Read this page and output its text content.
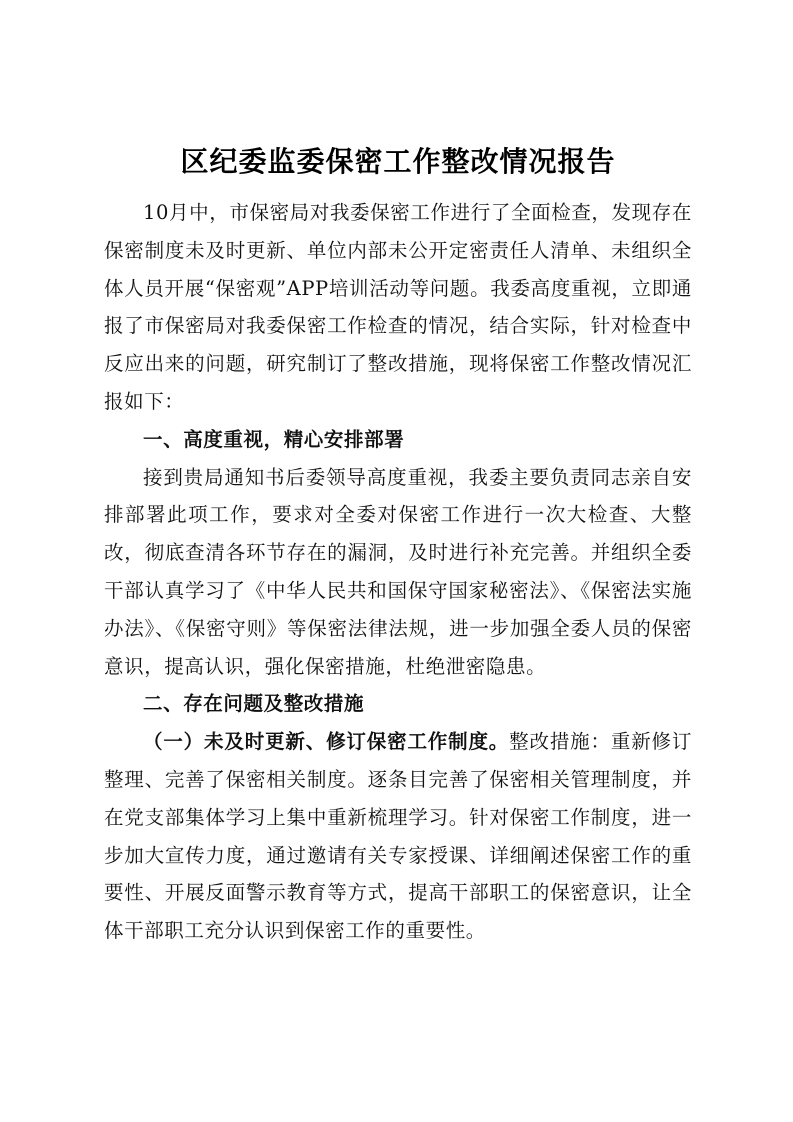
区纪委监委保密工作整改情况报告

10月中，市保密局对我委保密工作进行了全面检查，发现存在保密制度未及时更新、单位内部未公开定密责任人清单、未组织全体人员开展“保密观”APP培训活动等问题。我委高度重视，立即通报了市保密局对我委保密工作检查的情况，结合实际，针对检查中反应出来的问题，研究制订了整改措施，现将保密工作整改情况汇报如下：

一、高度重视，精心安排部署

接到贵局通知书后委领导高度重视，我委主要负责同志亲自安排部署此项工作，要求对全委对保密工作进行一次大检查、大整改，彻底查清各环节存在的漏洞，及时进行补充完善。并组织全委干部认真学习了《中华人民共和国保守国家秘密法》、《保密法实施办法》、《保密守则》等保密法律法规，进一步加强全委人员的保密意识，提高认识，强化保密措施，杜绝泄密隐患。

二、存在问题及整改措施

（一）未及时更新、修订保密工作制度。整改措施：重新修订整理、完善了保密相关制度。逐条目完善了保密相关管理制度，并在党支部集体学习上集中重新梳理学习。针对保密工作制度，进一步加大宣传力度，通过邀请有关专家授课、详细阐述保密工作的重要性、开展反面警示教育等方式，提高干部职工的保密意识，让全体干部职工充分认识到保密工作的重要性。
